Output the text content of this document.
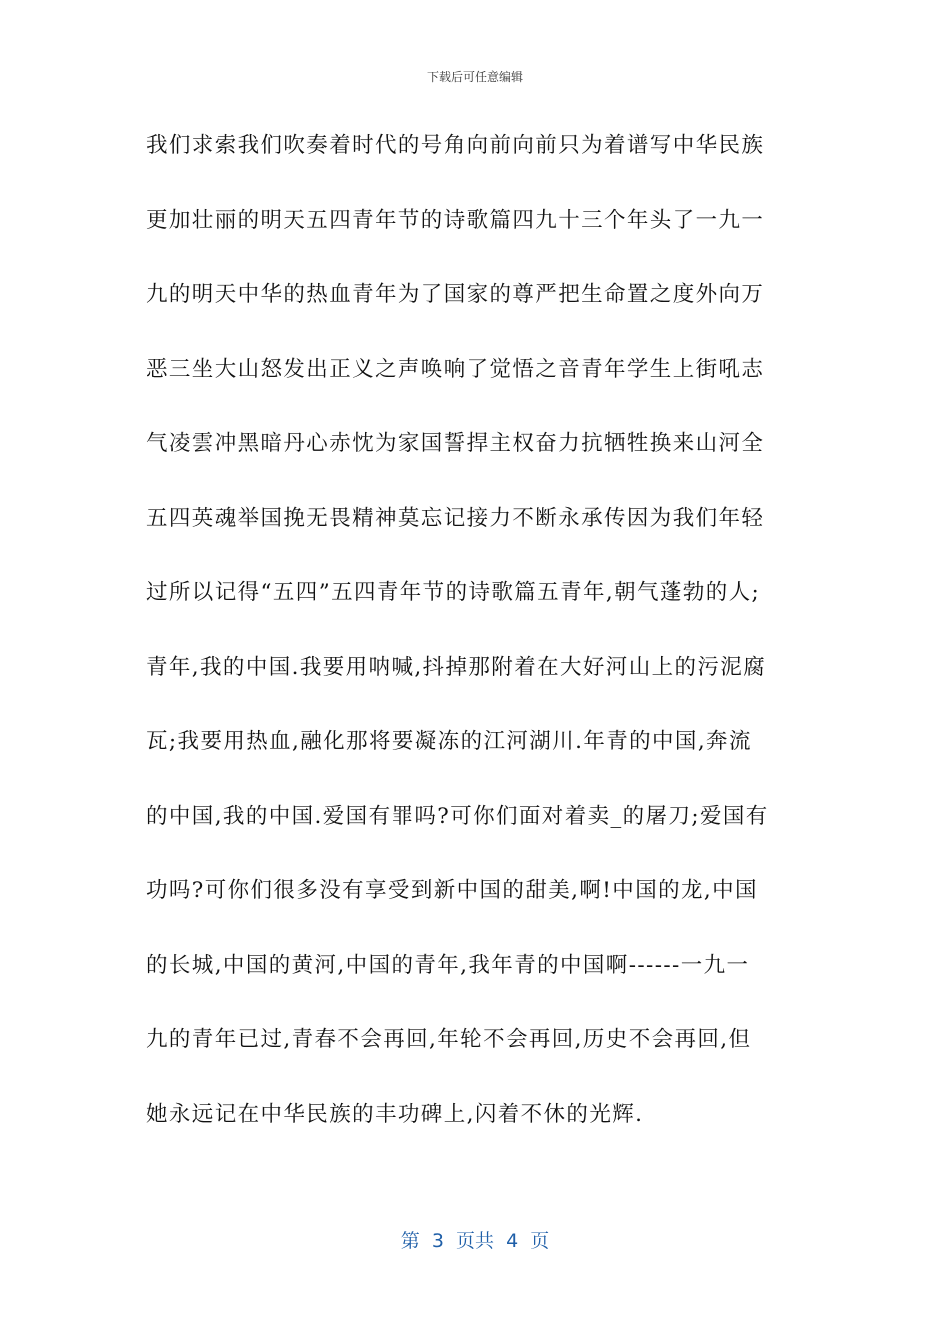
下载后可任意编辑
我们求索我们吹奏着时代的号角向前向前只为着谱写中华民族
更加壮丽的明天五四青年节的诗歌篇四九十三个年头了一九一
九的明天中华的热血青年为了国家的尊严把生命置之度外向万
恶三坐大山怒发出正义之声唤响了觉悟之音青年学生上街吼志
气凌雲冲黑暗丹心赤忱为家国誓捍主权奋力抗牺牲换来山河全
五四英魂举国挽无畏精神莫忘记接力不断永承传因为我们年轻
过所以记得“五四”五四青年节的诗歌篇五青年,朝气蓬勃的人;
青年,我的中国.我要用呐喊,抖掉那附着在大好河山上的污泥腐
瓦;我要用热血,融化那将要凝冻的江河湖川.年青的中国,奔流
的中国,我的中国.爱国有罪吗?可你们面对着卖_的屠刀;爱国有
功吗?可你们很多没有享受到新中国的甜美,啊!中国的龙,中国
的长城,中国的黄河,中国的青年,我年青的中国啊------一九一
九的青年已过,青春不会再回,年轮不会再回,历史不会再回,但
她永远记在中华民族的丰功碑上,闪着不休的光辉.
第  3  页共  4  页
